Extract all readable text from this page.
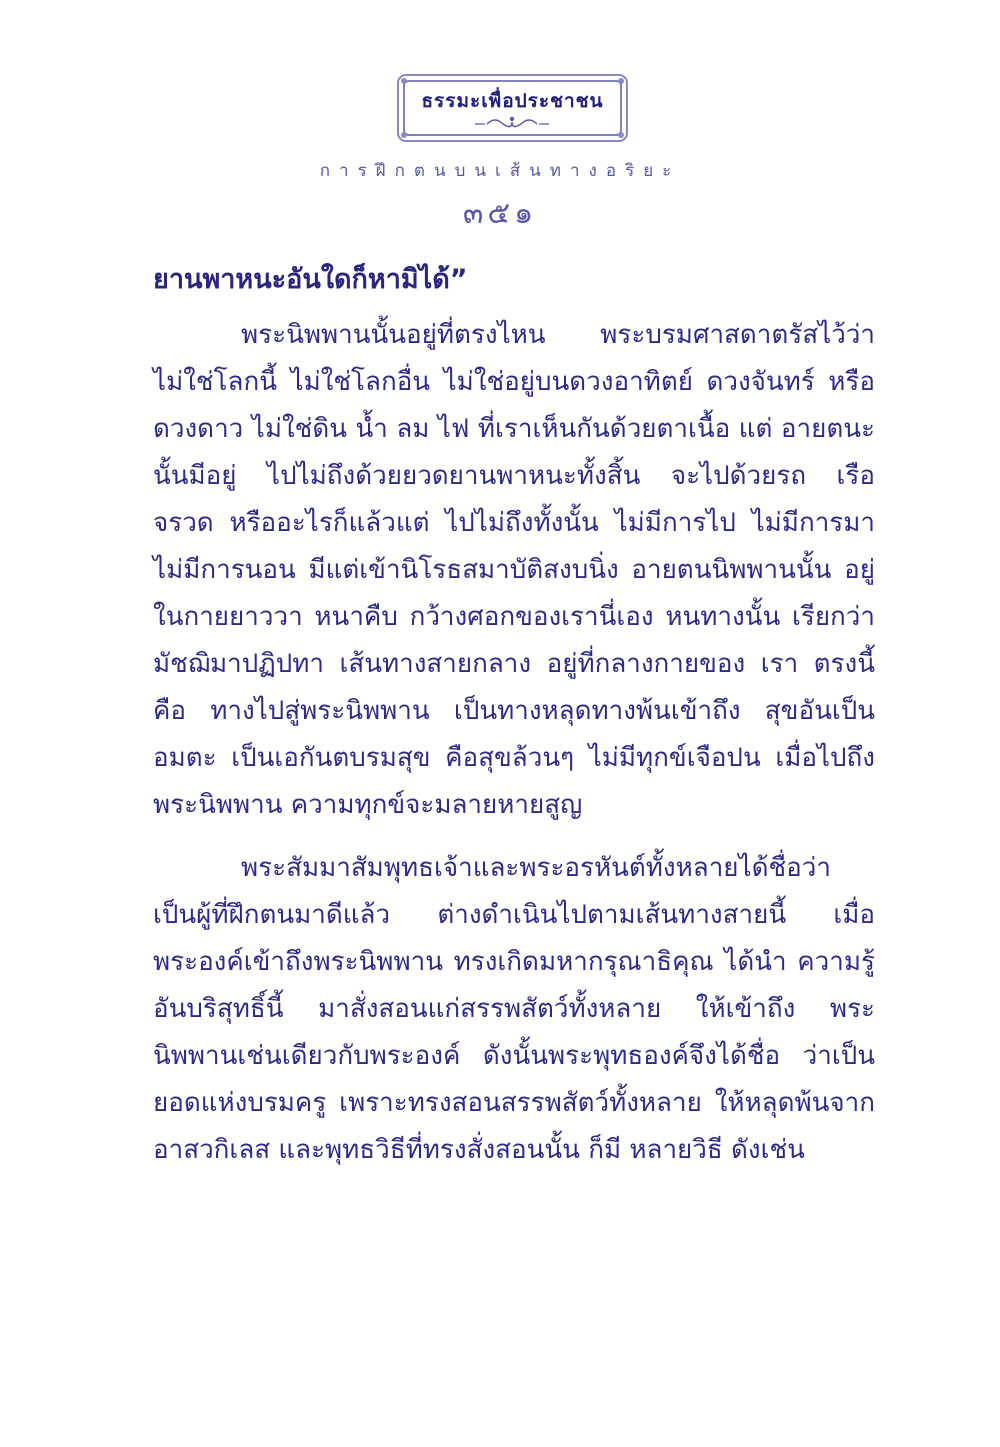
ธรรมะเพื่อประชาชน
การฝึกตนบนเส้นทางอริยะ
๓๕๑
ยานพาหนะอันใดก็หามิได้”

พระนิพพานนั้นอยู่ที่ตรงไหน พระบรมศาสดาตรัสไว้ว่า ไม่ใช่โลกนี้ ไม่ใช่โลกอื่น ไม่ใช่อยู่บนดวงอาทิตย์ ดวงจันทร์ หรือ ดวงดาว ไม่ใช่ดิน น้ำ ลม ไฟ ที่เราเห็นกันด้วยตาเนื้อ แต่ อายตนะนั้นมีอยู่ ไปไม่ถึงด้วยยวดยานพาหนะทั้งสิ้น จะไปด้วยรถ เรือ จรวด หรืออะไรก็แล้วแต่ ไปไม่ถึงทั้งนั้น ไม่มีการไป ไม่มีการมา ไม่มีการนอน มีแต่เข้านิโรธสมาบัติสงบนิ่ง อายตนนิพพานนั้น อยู่ในกายยาววา หนาคืบ กว้างศอกของเรานี่เอง หนทางนั้น เรียกว่า มัชฌิมาปฏิปทา เส้นทางสายกลาง อยู่ที่กลางกายของ เรา ตรงนี้ คือ ทางไปสู่พระนิพพาน เป็นทางหลุดทางพ้นเข้าถึง สุขอันเป็นอมตะ เป็นเอกันตบรมสุข คือสุขล้วนๆ ไม่มีทุกข์เจือปน เมื่อไปถึงพระนิพพาน ความทุกข์จะมลายหายสูญ

พระสัมมาสัมพุทธเจ้าและพระอรหันต์ทั้งหลายได้ชื่อว่า เป็นผู้ที่ฝึกตนมาดีแล้ว ต่างดำเนินไปตามเส้นทางสายนี้ เมื่อ พระองค์เข้าถึงพระนิพพาน ทรงเกิดมหากรุณาธิคุณ ได้นำ ความรู้อันบริสุทธิ์นี้ มาสั่งสอนแก่สรรพสัตว์ทั้งหลาย ให้เข้าถึง พระนิพพานเช่นเดียวกับพระองค์ ดังนั้นพระพุทธองค์จึงได้ชื่อ ว่าเป็นยอดแห่งบรมครู เพราะทรงสอนสรรพสัตว์ทั้งหลาย ให้หลุดพ้นจากอาสวกิเลส และพุทธวิธีที่ทรงสั่งสอนนั้น ก็มี หลายวิธี ดังเช่น
